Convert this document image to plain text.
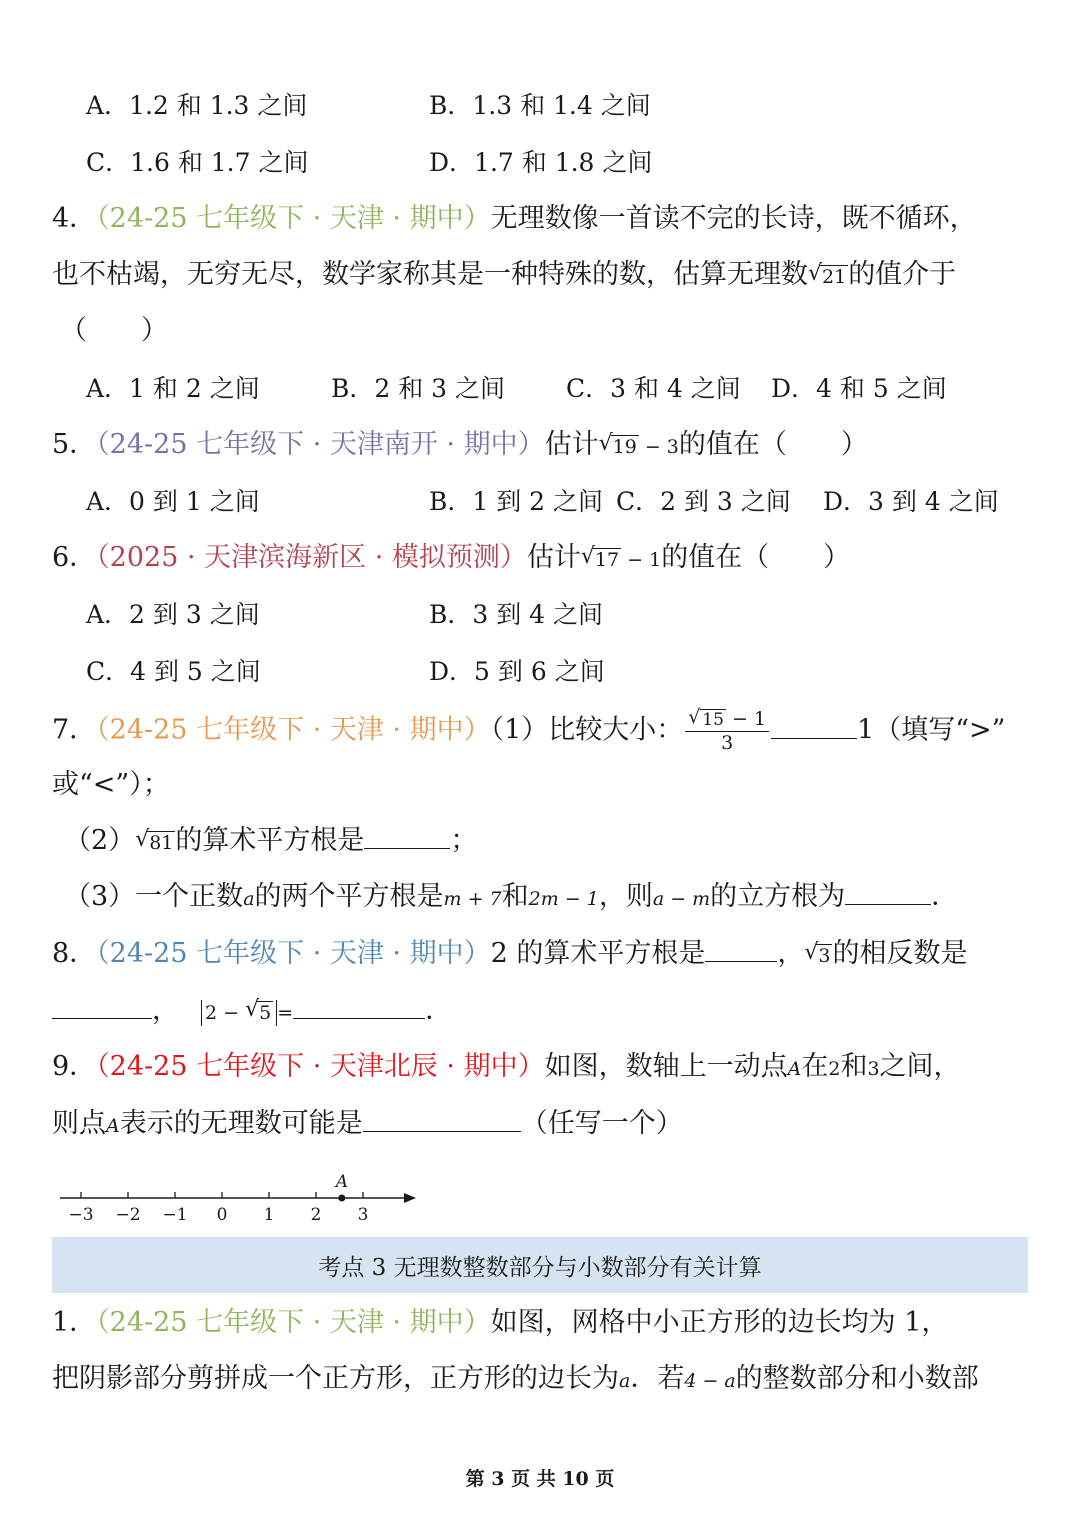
A．1.2 和 1.3 之间	B．1.3 和 1.4 之间
C．1.6 和 1.7 之间	D．1.7 和 1.8 之间
4．（24-25 七年级下 · 天津 · 期中）无理数像一首读不完的长诗，既不循环，
也不枯竭，无穷无尽，数学家称其是一种特殊的数，估算无理数 √ 21的值介于
（　　）
A．1 和 2 之间	B．2 和 3 之间 C．3 和 4 之间 D．4 和 5 之间
5．（24-25 七年级下 · 天津南开 · 期中）估计 √ 19 − 3的值在（　　）
A．0 到 1 之间	B．1 到 2 之间 C．2 到 3 之间 D．3 到 4 之间
6．（2025 · 天津滨海新区 · 模拟预测）估计 √ 17 − 1的值在（　　）
A．2 到 3 之间	B．3 到 4 之间
C．4 到 5 之间	D．5 到 6 之间
7．（24-25 七年级下 · 天津 · 期中）（1）比较大小： $\frac{√ 15 - 1}{3}$	1（填写“>”
或“<”）；
（2） √ 81的算术平方根是	；
（3）一个正数a的两个平方根是m + 7和2m − 1，则a − m的立方根为	．
8．（24-25 七年级下 · 天津 · 期中）2 的算术平方根是	， √ 3的相反数是
， 2 − √ 5 =	．
9．（24-25 七年级下 · 天津北辰 · 期中）如图，数轴上一动点A在2和3之间，
则点A表示的无理数可能是	（任写一个）
−3 −2 −1 0 1 2 3
A
考点 3 无理数整数部分与小数部分有关计算
1．（24-25 七年级下 · 天津 · 期中）如图，网格中小正方形的边长均为 1，
把阴影部分剪拼成一个正方形，正方形的边长为a．若4 − a的整数部分和小数部
第 3 页 共 10 页
